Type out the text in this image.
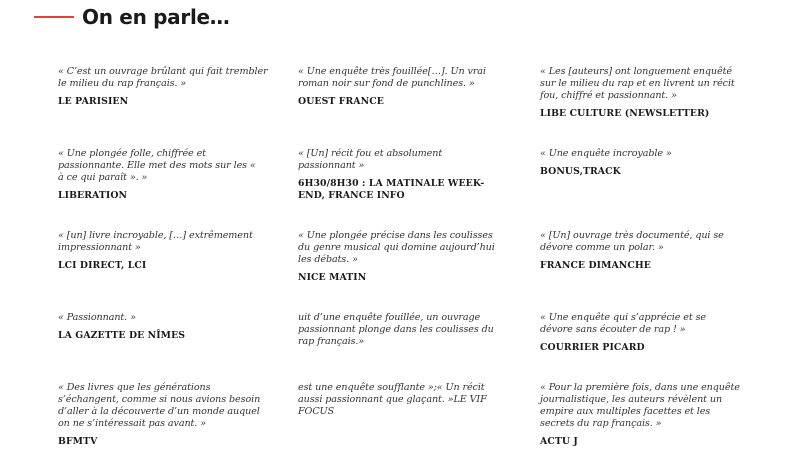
On en parle…

« C’est un ouvrage brûlant qui fait trembler le milieu du rap français. »

LE PARISIEN

« Une enquête très fouillée[…]. Un vrai roman noir sur fond de punchlines. »

OUEST FRANCE

« Les [auteurs] ont longuement enquêté sur le milieu du rap et en livrent un récit fou, chiffré et passionnant. »

LIBE CULTURE (NEWSLETTER)

« Une plongée folle, chiffrée et passionnante. Elle met des mots sur les « à ce qui paraît ». »

LIBERATION

« [Un] récit fou et absolument passionnant »

6H30/8H30 : LA MATINALE WEEK-END, FRANCE INFO

« Une enquête incroyable »

BONUS,TRACK

« [un] livre incroyable, […] extrêmement impressionnant »

LCI DIRECT, LCI

« Une plongée précise dans les coulisses du genre musical qui domine aujourd’hui les débats. »

NICE MATIN

« [Un] ouvrage très documenté, qui se dévore comme un polar. »

FRANCE DIMANCHE

« Passionnant. »

LA GAZETTE DE NÎMES

uit d’une enquête fouillée, un ouvrage passionnant plonge dans les coulisses du rap français.»

« Une enquête qui s’apprécie et se dévore sans écouter de rap ! »

COURRIER PICARD

« Des livres que les générations s’échangent, comme si nous avions besoin d’aller à la découverte d’un monde auquel on ne s’intéressait pas avant. »

BFMTV

est une enquête soufflante »;« Un récit aussi passionnant que glaçant. »LE VIF FOCUS

« Pour la première fois, dans une enquête journalistique, les auteurs révèlent un empire aux multiples facettes et les secrets du rap français. »

ACTU J
